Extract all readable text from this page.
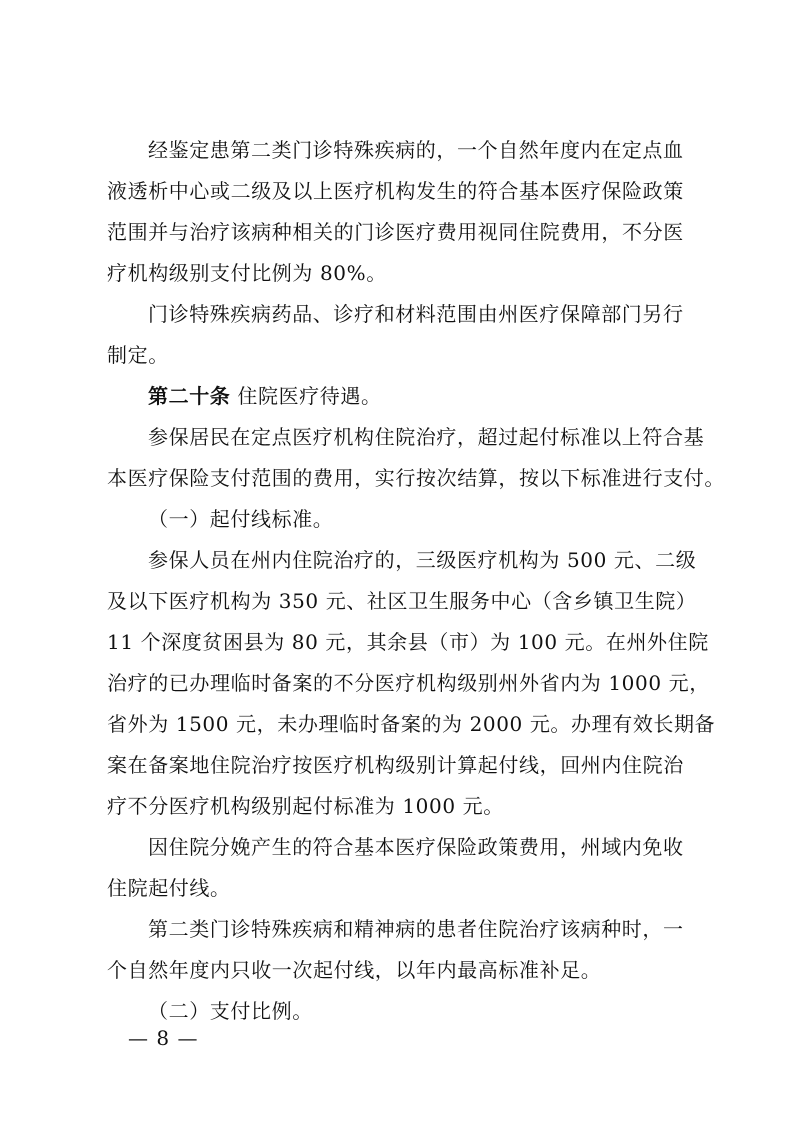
经鉴定患第二类门诊特殊疾病的，一个自然年度内在定点血
液透析中心或二级及以上医疗机构发生的符合基本医疗保险政策
范围并与治疗该病种相关的门诊医疗费用视同住院费用，不分医
疗机构级别支付比例为 80%。
门诊特殊疾病药品、诊疗和材料范围由州医疗保障部门另行
制定。
第二十条 住院医疗待遇。
参保居民在定点医疗机构住院治疗，超过起付标准以上符合基
本医疗保险支付范围的费用，实行按次结算，按以下标准进行支付。
（一）起付线标准。
参保人员在州内住院治疗的，三级医疗机构为 500 元、二级
及以下医疗机构为 350 元、社区卫生服务中心（含乡镇卫生院）
11 个深度贫困县为 80 元，其余县（市）为 100 元。在州外住院
治疗的已办理临时备案的不分医疗机构级别州外省内为 1000 元，
省外为 1500 元，未办理临时备案的为 2000 元。办理有效长期备
案在备案地住院治疗按医疗机构级别计算起付线，回州内住院治
疗不分医疗机构级别起付标准为 1000 元。
因住院分娩产生的符合基本医疗保险政策费用，州域内免收
住院起付线。
第二类门诊特殊疾病和精神病的患者住院治疗该病种时，一
个自然年度内只收一次起付线，以年内最高标准补足。
（二）支付比例。
— 8 —
